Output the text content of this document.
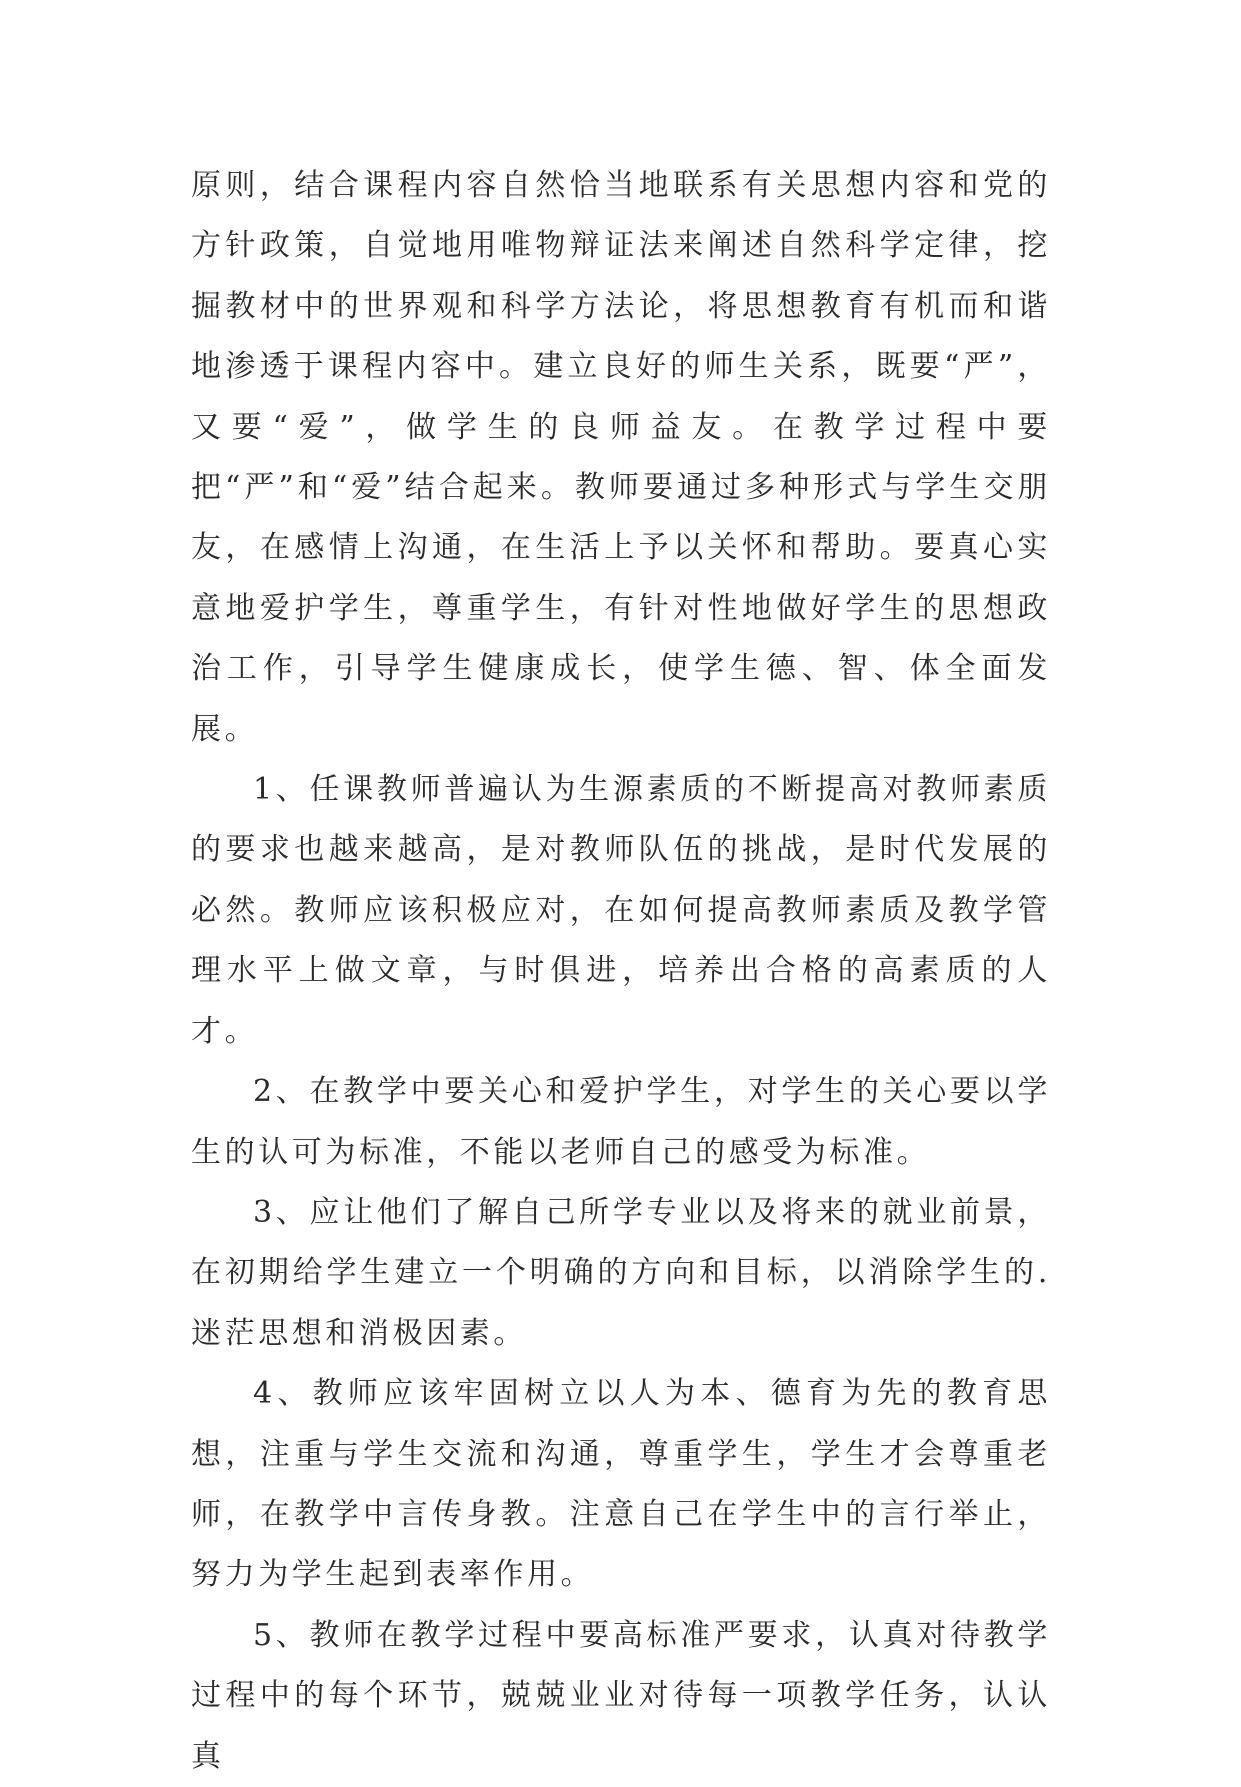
原则，结合课程内容自然恰当地联系有关思想内容和党的方针政策，自觉地用唯物辩证法来阐述自然科学定律，挖掘教材中的世界观和科学方法论，将思想教育有机而和谐地渗透于课程内容中。建立良好的师生关系，既要“严”，又要“爱”，做学生的良师益友。在教学过程中要把“严”和“爱”结合起来。教师要通过多种形式与学生交朋友，在感情上沟通，在生活上予以关怀和帮助。要真心实意地爱护学生，尊重学生，有针对性地做好学生的思想政治工作，引导学生健康成长，使学生德、智、体全面发展。

1、任课教师普遍认为生源素质的不断提高对教师素质的要求也越来越高，是对教师队伍的挑战，是时代发展的必然。教师应该积极应对，在如何提高教师素质及教学管理水平上做文章，与时俱进，培养出合格的高素质的人才。

2、在教学中要关心和爱护学生，对学生的关心要以学生的认可为标准，不能以老师自己的感受为标准。

3、应让他们了解自己所学专业以及将来的就业前景，在初期给学生建立一个明确的方向和目标，以消除学生的.迷茫思想和消极因素。

4、教师应该牢固树立以人为本、德育为先的教育思想，注重与学生交流和沟通，尊重学生，学生才会尊重老师，在教学中言传身教。注意自己在学生中的言行举止，努力为学生起到表率作用。

5、教师在教学过程中要高标准严要求，认真对待教学过程中的每个环节，兢兢业业对待每一项教学任务，认认真
